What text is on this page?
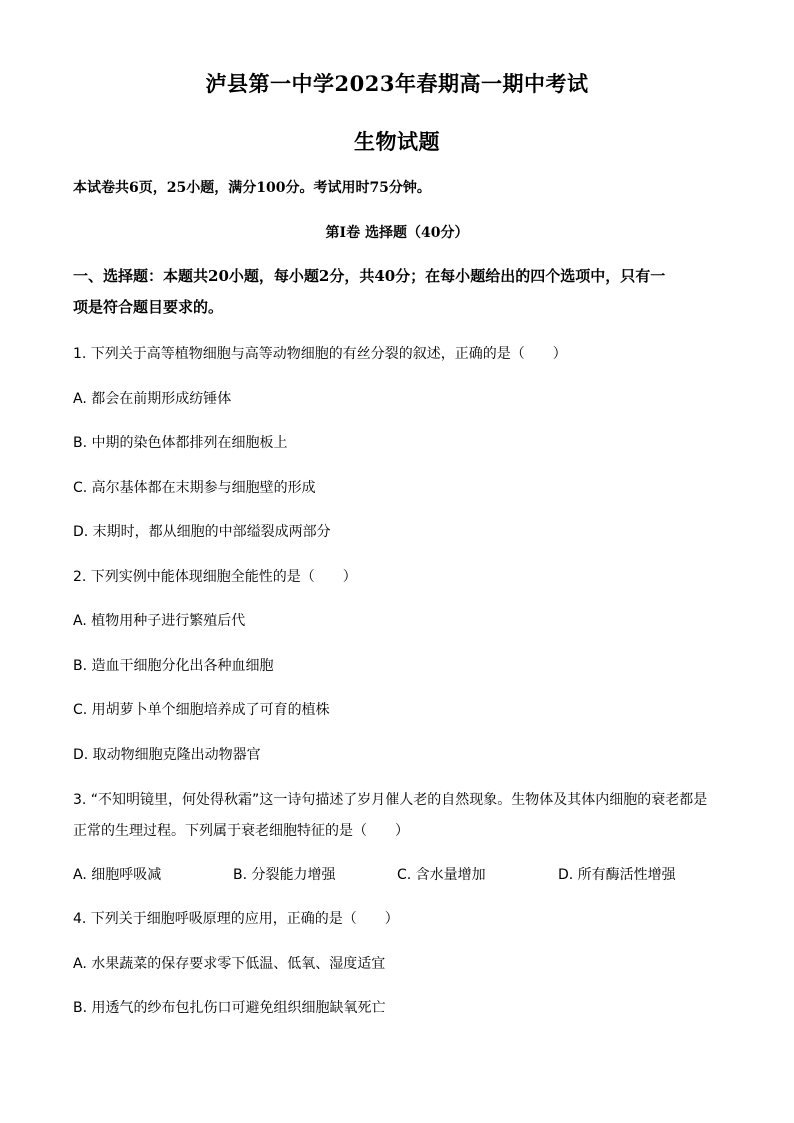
泸县第一中学2023年春期高一期中考试
生物试题
本试卷共6页，25小题，满分100分。考试用时75分钟。
第Ⅰ卷 选择题（40分）
一、选择题：本题共20小题，每小题2分，共40分；在每小题给出的四个选项中，只有一
项是符合题目要求的。
1. 下列关于高等植物细胞与高等动物细胞的有丝分裂的叙述，正确的是（　　）
A. 都会在前期形成纺锤体
B. 中期的染色体都排列在细胞板上
C. 高尔基体都在末期参与细胞壁的形成
D. 末期时，都从细胞的中部缢裂成两部分
2. 下列实例中能体现细胞全能性的是（　　）
A. 植物用种子进行繁殖后代
B. 造血干细胞分化出各种血细胞
C. 用胡萝卜单个细胞培养成了可育的植株
D. 取动物细胞克隆出动物器官
3. “不知明镜里，何处得秋霜”这一诗句描述了岁月催人老的自然现象。生物体及其体内细胞的衰老都是
正常的生理过程。下列属于衰老细胞特征的是（　　）
A. 细胞呼吸减	B. 分裂能力增强	C. 含水量增加	D. 所有酶活性增强
4. 下列关于细胞呼吸原理的应用，正确的是（　　）
A. 水果蔬菜的保存要求零下低温、低氧、湿度适宜
B. 用透气的纱布包扎伤口可避免组织细胞缺氧死亡
